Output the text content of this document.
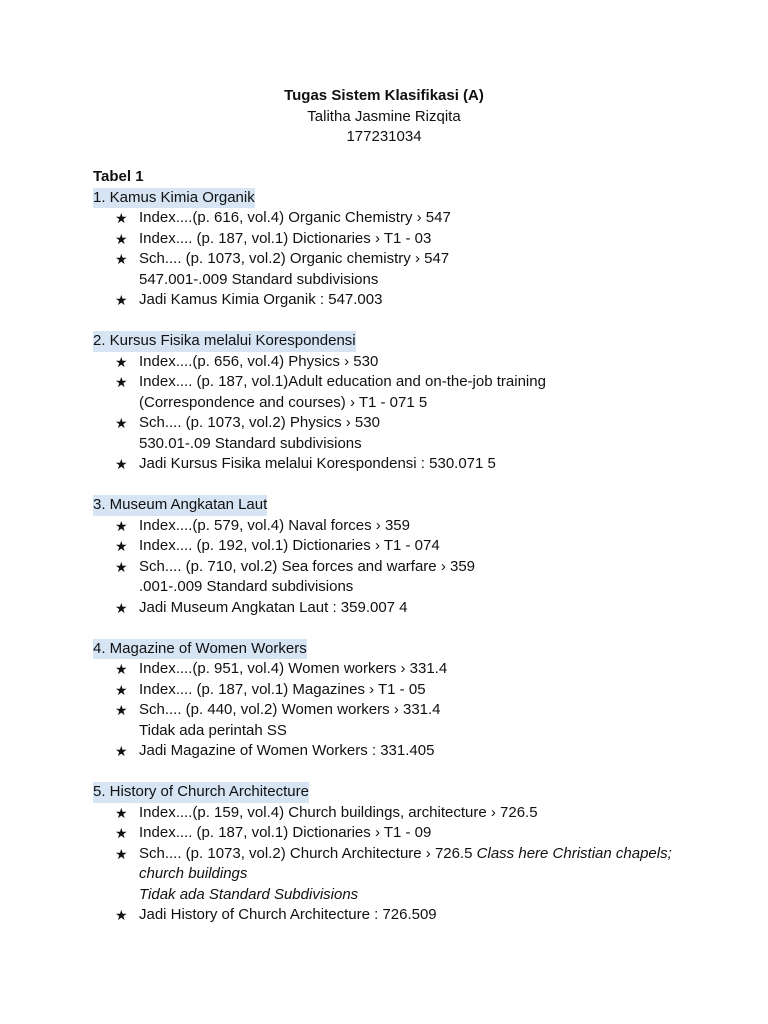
Tugas Sistem Klasifikasi (A)
Talitha Jasmine Rizqita
177231034
Tabel 1
1. Kamus Kimia Organik
★ Index....(p. 616, vol.4) Organic Chemistry › 547
★ Index.... (p. 187, vol.1) Dictionaries › T1 - 03
★ Sch.... (p. 1073, vol.2) Organic chemistry › 547
547.001-.009 Standard subdivisions
★ Jadi Kamus Kimia Organik : 547.003
2. Kursus Fisika melalui Korespondensi
★ Index....(p. 656, vol.4) Physics › 530
★ Index.... (p. 187, vol.1)Adult education and on-the-job training
(Correspondence and courses) › T1 - 071 5
★ Sch.... (p. 1073, vol.2) Physics › 530
530.01-.09 Standard subdivisions
★ Jadi Kursus Fisika melalui Korespondensi : 530.071 5
3. Museum Angkatan Laut
★ Index....(p. 579, vol.4) Naval forces › 359
★ Index.... (p. 192, vol.1) Dictionaries › T1 - 074
★ Sch.... (p. 710, vol.2) Sea forces and warfare › 359
.001-.009 Standard subdivisions
★ Jadi Museum Angkatan Laut : 359.007 4
4. Magazine of Women Workers
★ Index....(p. 951, vol.4) Women workers › 331.4
★ Index.... (p. 187, vol.1) Magazines › T1 - 05
★ Sch.... (p. 440, vol.2) Women workers › 331.4
Tidak ada perintah SS
★ Jadi Magazine of Women Workers : 331.405
5. History of Church Architecture
★ Index....(p. 159, vol.4) Church buildings, architecture › 726.5
★ Index.... (p. 187, vol.1) Dictionaries › T1 - 09
★ Sch.... (p. 1073, vol.2) Church Architecture › 726.5 Class here Christian chapels; church buildings
Tidak ada Standard Subdivisions
★ Jadi History of Church Architecture : 726.509
